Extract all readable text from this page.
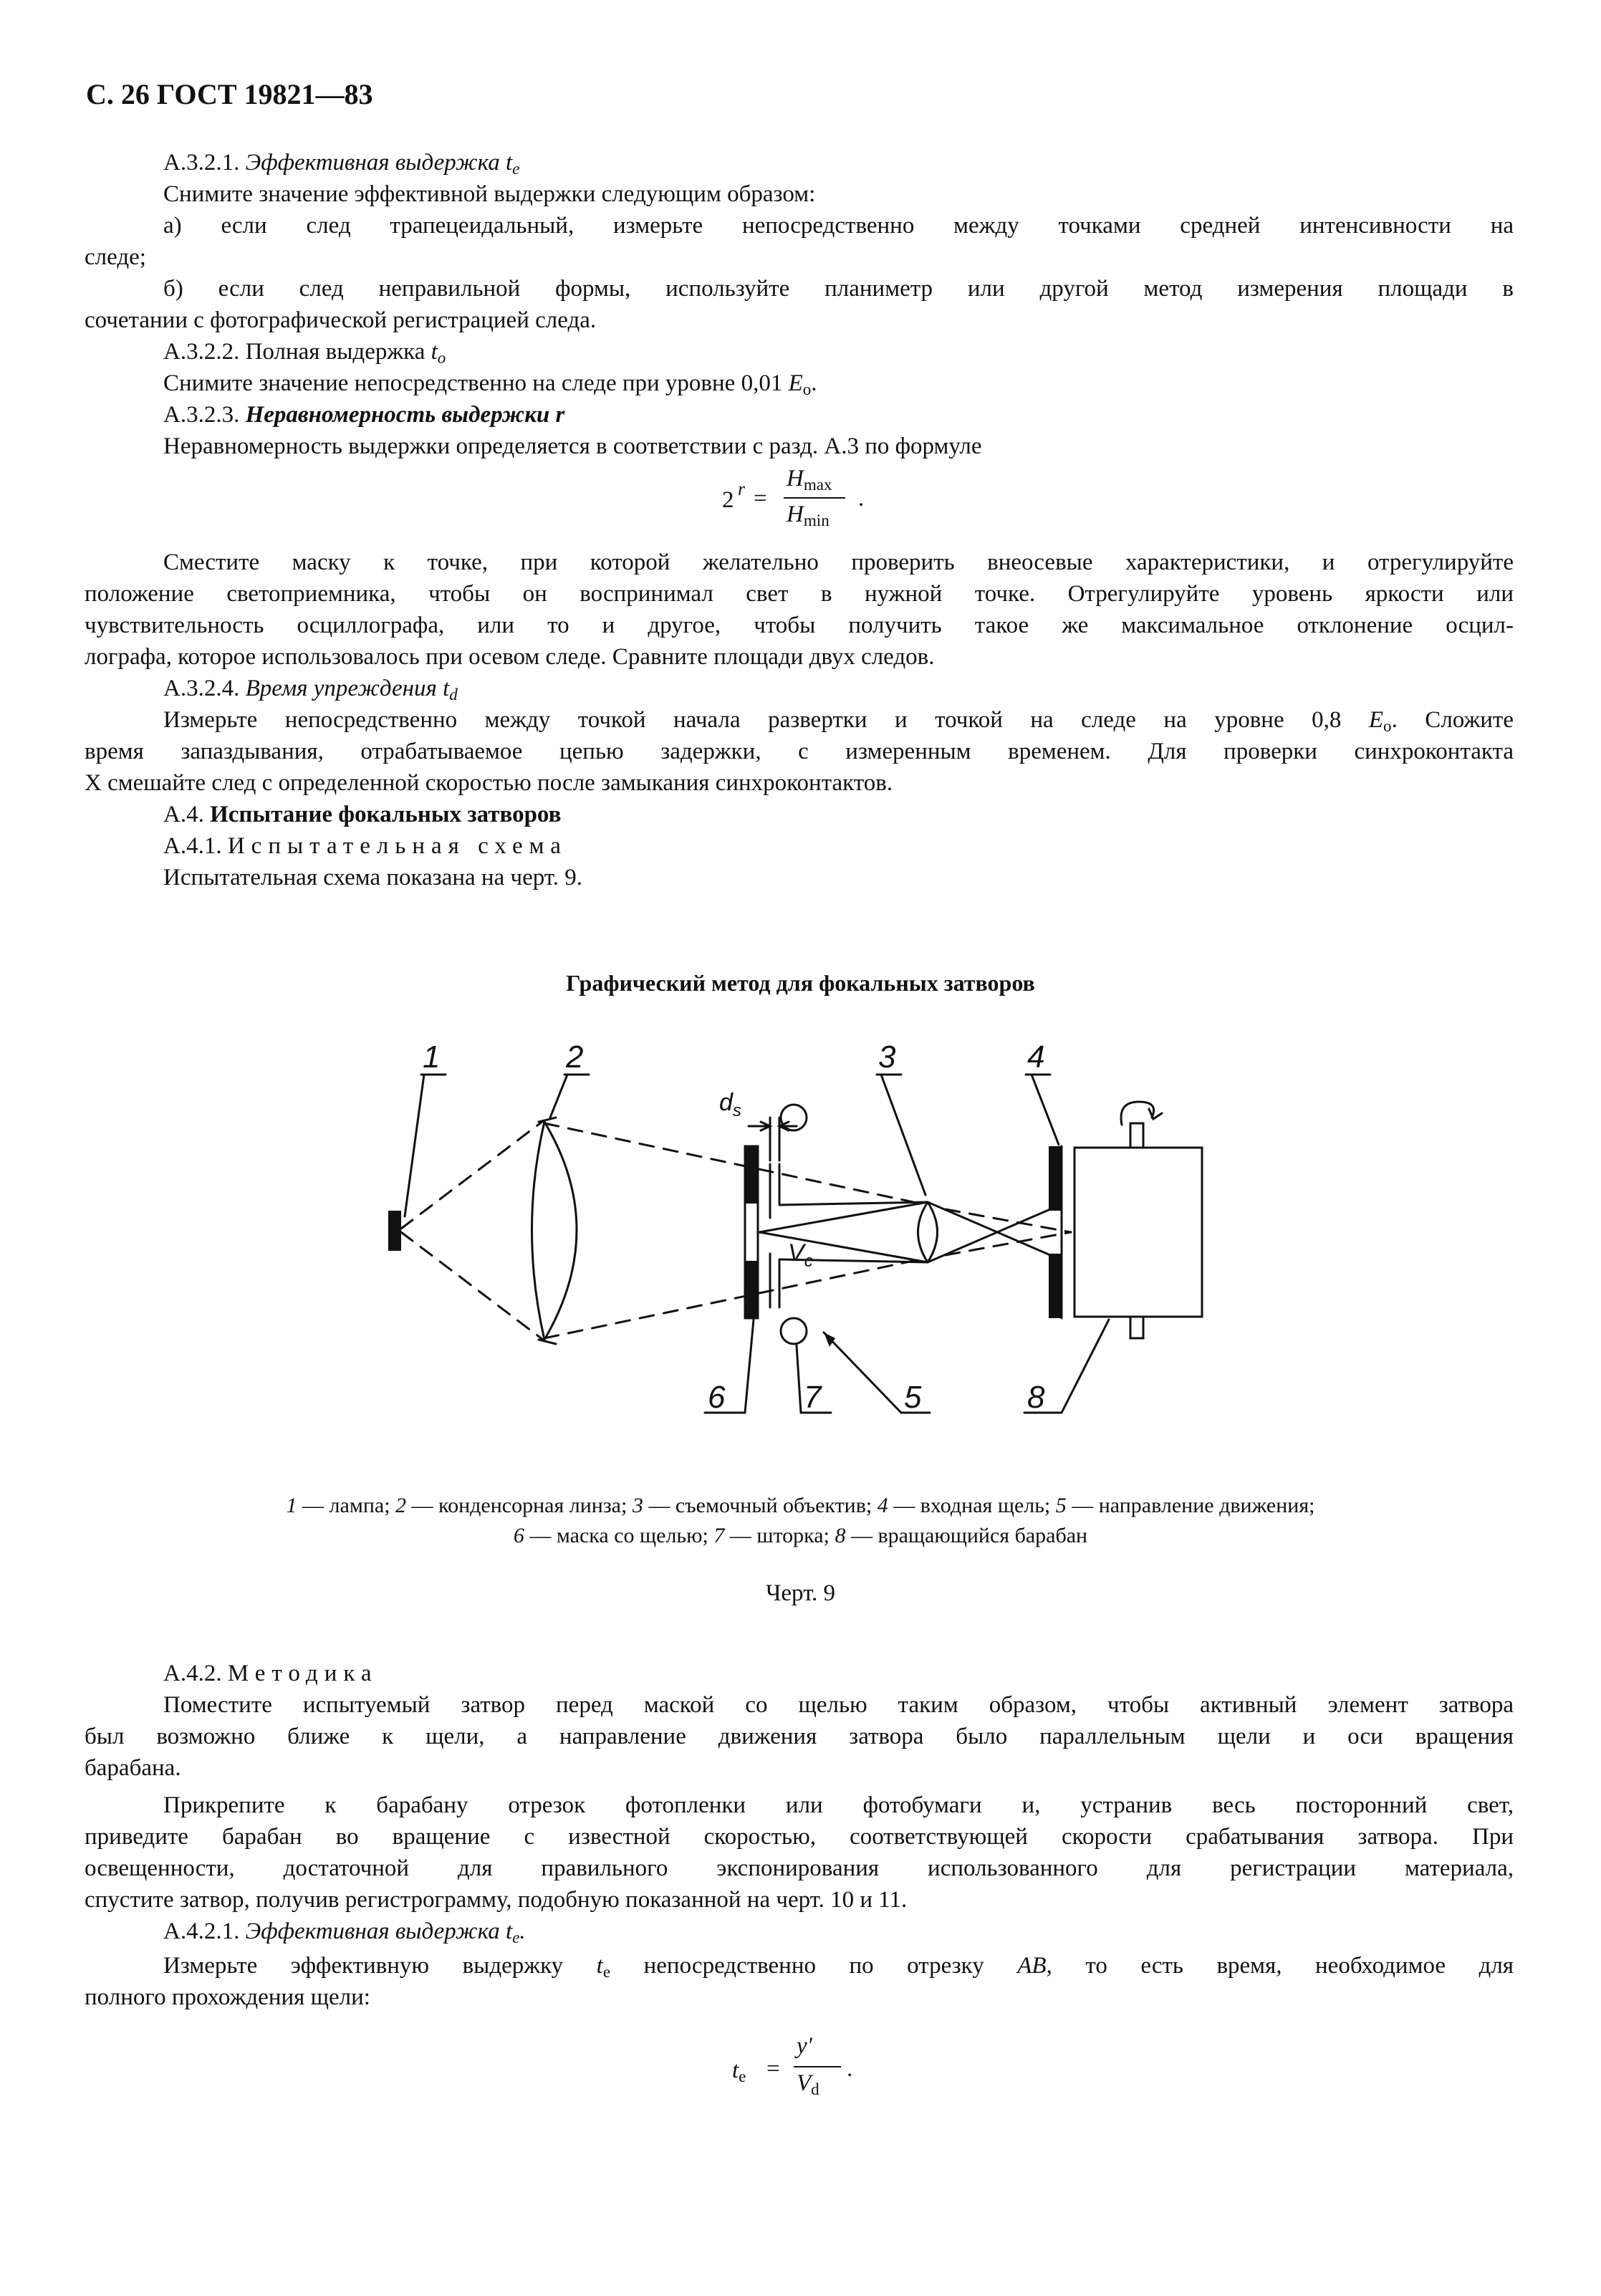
С. 26 ГОСТ 19821—83
А.3.2.1. Эффективная выдержка $t_e$
Снимите значение эффективной выдержки следующим образом:
а) если след трапецеидальный, измерьте непосредственно между точками средней интенсивности на
следе;
б) если след неправильной формы, используйте планиметр или другой метод измерения площади в
сочетании с фотографической регистрацией следа.
А.3.2.2. Полная выдержка $t_o$
Снимите значение непосредственно на следе при уровне 0,01 $E_o$.
А.3.2.3. Неравномерность выдержки r
Неравномерность выдержки определяется в соответствии с разд. А.3 по формуле
2 r =
$H_{max}$
$H_{min}$
.
Сместите маску к точке, при которой желательно проверить внеосевые характеристики, и отрегулируйте
положение светоприемника, чтобы он воспринимал свет в нужной точке. Отрегулируйте уровень яркости или
чувствительность осциллографа, или то и другое, чтобы получить такое же максимальное отклонение осцил-
лографа, которое использовалось при осевом следе. Сравните площади двух следов.
А.3.2.4. Время упреждения $t_d$
Измерьте непосредственно между точкой начала развертки и точкой на следе на уровне 0,8 $E_o$. Сложите
время запаздывания, отрабатываемое цепью задержки, с измеренным временем. Для проверки синхроконтакта
X смешайте след с определенной скоростью после замыкания синхроконтактов.
А.4. Испытание фокальных затворов
А.4.1. Испытательная схема
Испытательная схема показана на черт. 9.
Графический метод для фокальных затворов
1	2	3	4
5
6 7	8
$d_s$
$V_c$
1 — лампа; 2 — конденсорная линза; 3 — съемочный объектив; 4 — входная щель; 5 — направление движения;
6 — маска со щелью; 7 — шторка; 8 — вращающийся барабан
Черт. 9
А.4.2. Методика
Поместите испытуемый затвор перед маской со щелью таким образом, чтобы активный элемент затвора
был возможно ближе к щели, а направление движения затвора было параллельным щели и оси вращения
барабана.
Прикрепите к барабану отрезок фотопленки или фотобумаги и, устранив весь посторонний свет,
приведите барабан во вращение с известной скоростью, соответствующей скорости срабатывания затвора. При
освещенности, достаточной для правильного экспонирования использованного для регистрации материала,
спустите затвор, получив регистрограмму, подобную показанной на черт. 10 и 11.
А.4.2.1. Эффективная выдержка $t_e$.
Измерьте эффективную выдержку $t_e$ непосредственно по отрезку AB, то есть время, необходимое для
полного прохождения щели:
$t_e$ =
y'
$V_d$
.
